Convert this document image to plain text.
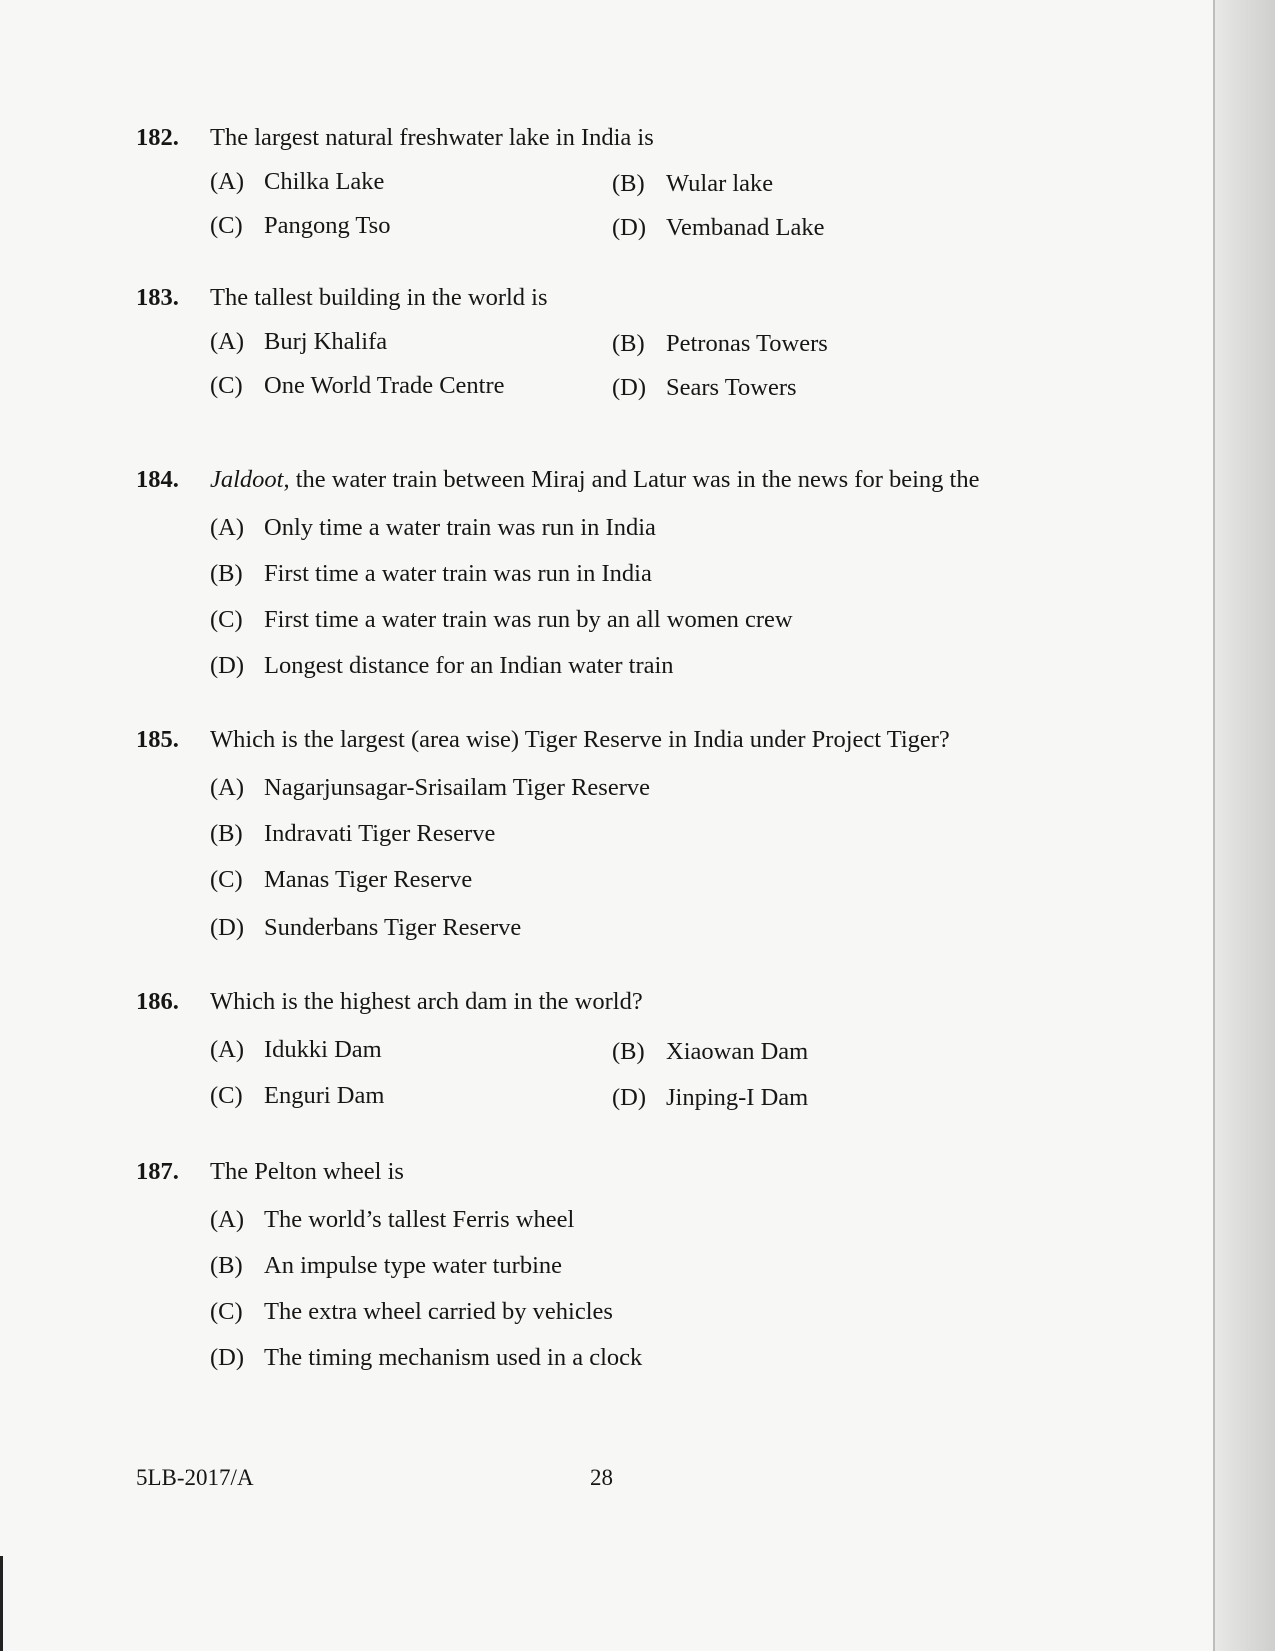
182. The largest natural freshwater lake in India is
(A) Chilka Lake	(B) Wular lake
(C) Pangong Tso	(D) Vembanad Lake
183. The tallest building in the world is
(A) Burj Khalifa	(B) Petronas Towers
(C) One World Trade Centre	(D) Sears Towers
184. Jaldoot, the water train between Miraj and Latur was in the news for being the
(A) Only time a water train was run in India
(B) First time a water train was run in India
(C) First time a water train was run by an all women crew
(D) Longest distance for an Indian water train
185. Which is the largest (area wise) Tiger Reserve in India under Project Tiger?
(A) Nagarjunsagar-Srisailam Tiger Reserve
(B) Indravati Tiger Reserve
(C) Manas Tiger Reserve
(D) Sunderbans Tiger Reserve
186. Which is the highest arch dam in the world?
(A) Idukki Dam	(B) Xiaowan Dam
(C) Enguri Dam	(D) Jinping-I Dam
187. The Pelton wheel is
(A) The world’s tallest Ferris wheel
(B) An impulse type water turbine
(C) The extra wheel carried by vehicles
(D) The timing mechanism used in a clock
5LB-2017/A	28
